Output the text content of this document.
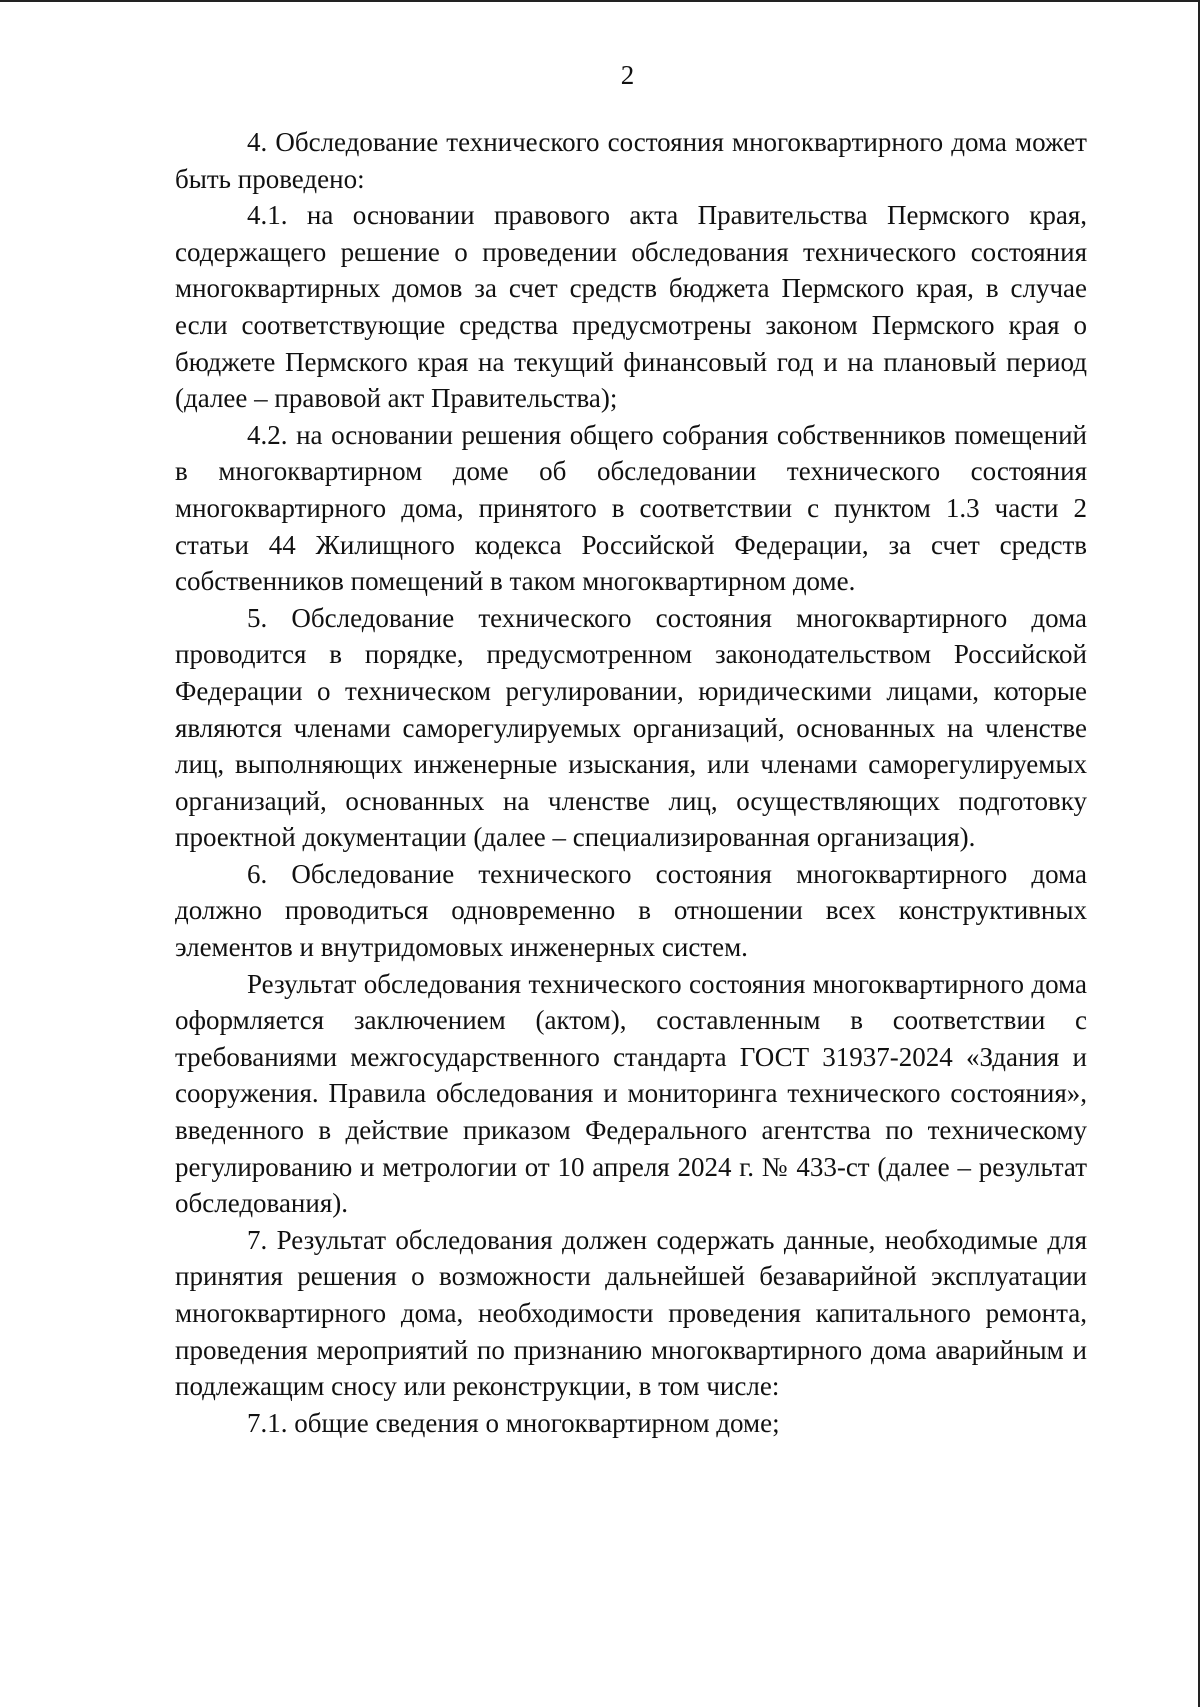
2

4. Обследование технического состояния многоквартирного дома может быть проведено:

4.1. на основании правового акта Правительства Пермского края, содержащего решение о проведении обследования технического состояния многоквартирных домов за счет средств бюджета Пермского края, в случае если соответствующие средства предусмотрены законом Пермского края о бюджете Пермского края на текущий финансовый год и на плановый период (далее – правовой акт Правительства);

4.2. на основании решения общего собрания собственников помещений в многоквартирном доме об обследовании технического состояния многоквартирного дома, принятого в соответствии с пунктом 1.3 части 2 статьи 44 Жилищного кодекса Российской Федерации, за счет средств собственников помещений в таком многоквартирном доме.

5. Обследование технического состояния многоквартирного дома проводится в порядке, предусмотренном законодательством Российской Федерации о техническом регулировании, юридическими лицами, которые являются членами саморегулируемых организаций, основанных на членстве лиц, выполняющих инженерные изыскания, или членами саморегулируемых организаций, основанных на членстве лиц, осуществляющих подготовку проектной документации (далее – специализированная организация).

6. Обследование технического состояния многоквартирного дома должно проводиться одновременно в отношении всех конструктивных элементов и внутридомовых инженерных систем.

Результат обследования технического состояния многоквартирного дома оформляется заключением (актом), составленным в соответствии с требованиями межгосударственного стандарта ГОСТ 31937-2024 «Здания и сооружения. Правила обследования и мониторинга технического состояния», введенного в действие приказом Федерального агентства по техническому регулированию и метрологии от 10 апреля 2024 г. № 433-ст (далее – результат обследования).

7. Результат обследования должен содержать данные, необходимые для принятия решения о возможности дальнейшей безаварийной эксплуатации многоквартирного дома, необходимости проведения капитального ремонта, проведения мероприятий по признанию многоквартирного дома аварийным и подлежащим сносу или реконструкции, в том числе:

7.1. общие сведения о многоквартирном доме;
